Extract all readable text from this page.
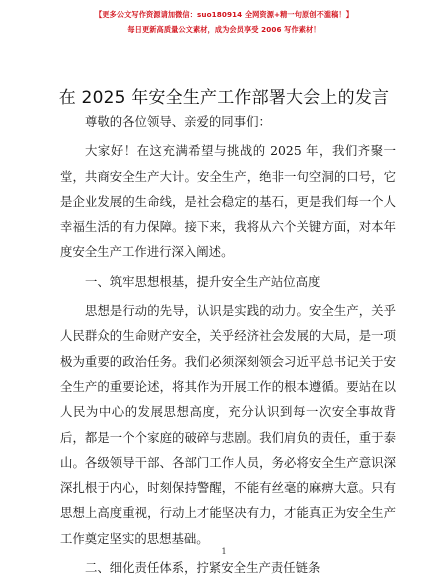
【更多公文写作资源请加微信：suo180914 全网资源+精一句原创不滥稿！】
每日更新高质量公文素材，成为会员享受 2006 写作素材！
在 2025 年安全生产工作部署大会上的发言

尊敬的各位领导、亲爱的同事们：

大家好！在这充满希望与挑战的 2025 年，我们齐聚一堂，共商安全生产大计。安全生产，绝非一句空洞的口号，它是企业发展的生命线，是社会稳定的基石，更是我们每一个人幸福生活的有力保障。接下来，我将从六个关键方面，对本年度安全生产工作进行深入阐述。

一、筑牢思想根基，提升安全生产站位高度

思想是行动的先导，认识是实践的动力。安全生产，关乎人民群众的生命财产安全，关乎经济社会发展的大局，是一项极为重要的政治任务。我们必须深刻领会习近平总书记关于安全生产的重要论述，将其作为开展工作的根本遵循。要站在以人民为中心的发展思想高度，充分认识到每一次安全事故背后，都是一个个家庭的破碎与悲剧。我们肩负的责任，重于泰山。各级领导干部、各部门工作人员，务必将安全生产意识深深扎根于内心，时刻保持警醒，不能有丝毫的麻痹大意。只有思想上高度重视，行动上才能坚决有力，才能真正为安全生产工作奠定坚实的思想基础。

二、细化责任体系，拧紧安全生产责任链条

1
